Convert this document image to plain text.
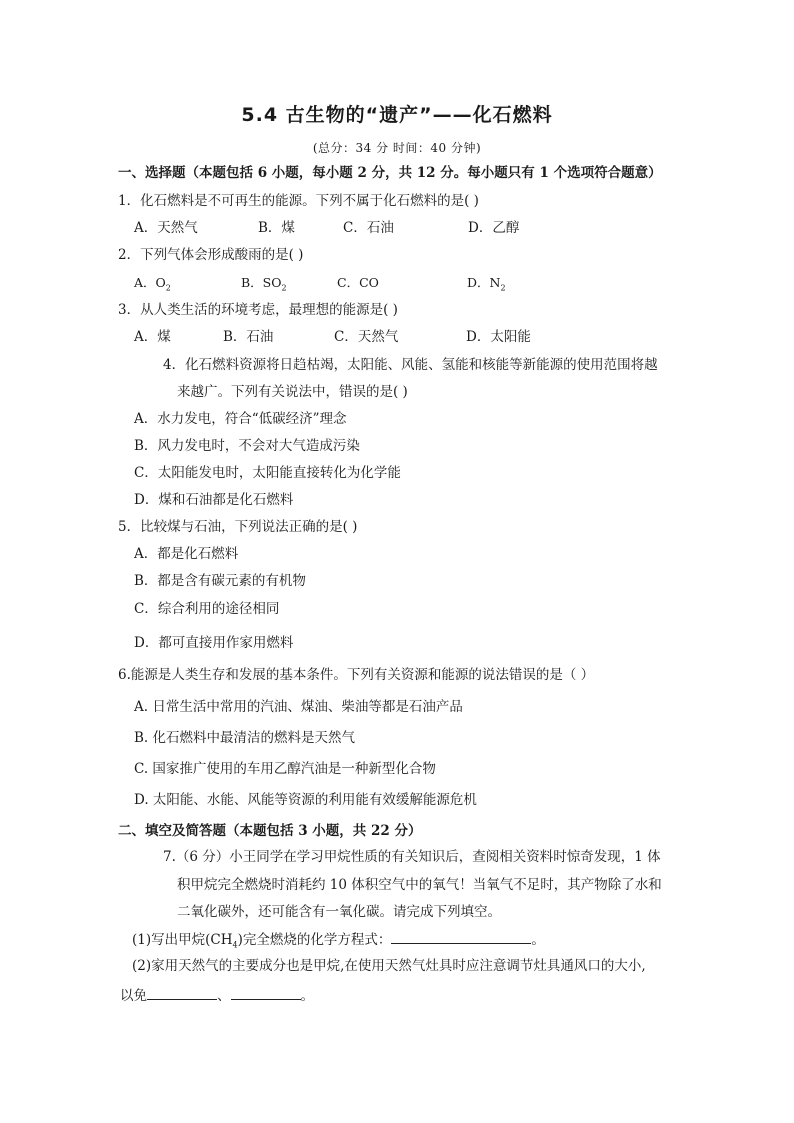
5.4 古生物的“遗产”——化石燃料
(总分：34 分 时间：40 分钟)
一、选择题（本题包括 6 小题，每小题 2 分，共 12 分。每小题只有 1 个选项符合题意）
1．化石燃料是不可再生的能源。下列不属于化石燃料的是( )
A．天然气	B．煤	C．石油	D．乙醇
2．下列气体会形成酸雨的是( )
A．$O_2$	B．$SO_2$	C．CO	D．$N_2$
3．从人类生活的环境考虑，最理想的能源是( )
A．煤	B．石油	C．天然气	D．太阳能
4．化石燃料资源将日趋枯竭，太阳能、风能、氢能和核能等新能源的使用范围将越
来越广。下列有关说法中，错误的是( )
A．水力发电，符合“低碳经济”理念
B．风力发电时，不会对大气造成污染
C．太阳能发电时，太阳能直接转化为化学能
D．煤和石油都是化石燃料
5．比较煤与石油，下列说法正确的是( )
A．都是化石燃料
B．都是含有碳元素的有机物
C．综合利用的途径相同
D．都可直接用作家用燃料
6.能源是人类生存和发展的基本条件。下列有关资源和能源的说法错误的是（ ）
A. 日常生活中常用的汽油、煤油、柴油等都是石油产品
B. 化石燃料中最清洁的燃料是天然气
C. 国家推广使用的车用乙醇汽油是一种新型化合物
D. 太阳能、水能、风能等资源的利用能有效缓解能源危机
二、填空及简答题（本题包括 3 小题，共 22 分）
7.（6 分）小王同学在学习甲烷性质的有关知识后，查阅相关资料时惊奇发现，1 体
积甲烷完全燃烧时消耗约 10 体积空气中的氧气！当氧气不足时，其产物除了水和
二氧化碳外，还可能含有一氧化碳。请完成下列填空。
(1)写出甲烷$(CH_4)$完全燃烧的化学方程式：	。
(2)家用天然气的主要成分也是甲烷,在使用天然气灶具时应注意调节灶具通风口的大小,
以免	、	。
